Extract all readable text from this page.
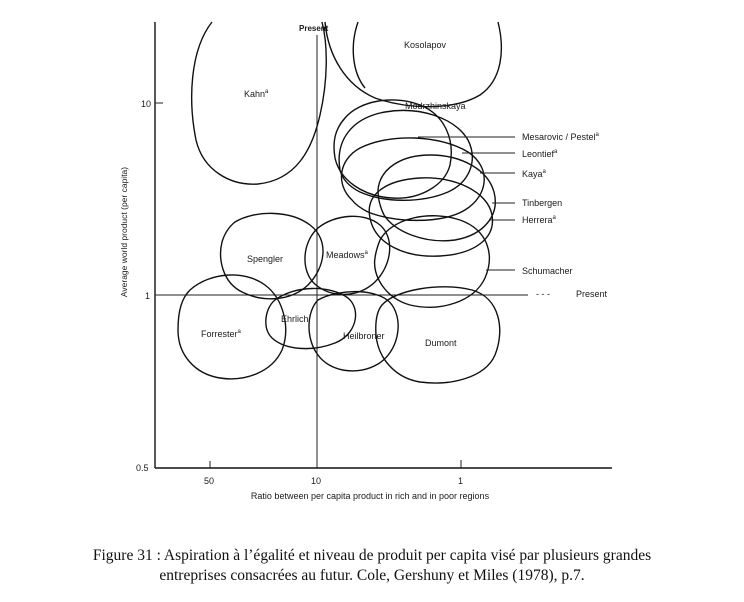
10
1
0.5
50	10	1
Average world product (per capita)
Ratio between per capita product in rich and in poor regions
Present
- - -	Present
Kosolapov
Kahn$^a$
Modrzhinskaya
Mesarovic / Pestel$^a$
Leontief$^a$
Kaya$^a$
Tinbergen
Herrera$^a$
Spengler	Meadows$^a$
Schumacher
Forrester$^a$
Ehrlich
Heilbroner
Dumont
Figure 31 : Aspiration à l’égalité et niveau de produit per capita visé par plusieurs grandes
entreprises consacrées au futur. Cole, Gershuny et Miles (1978), p.7.
